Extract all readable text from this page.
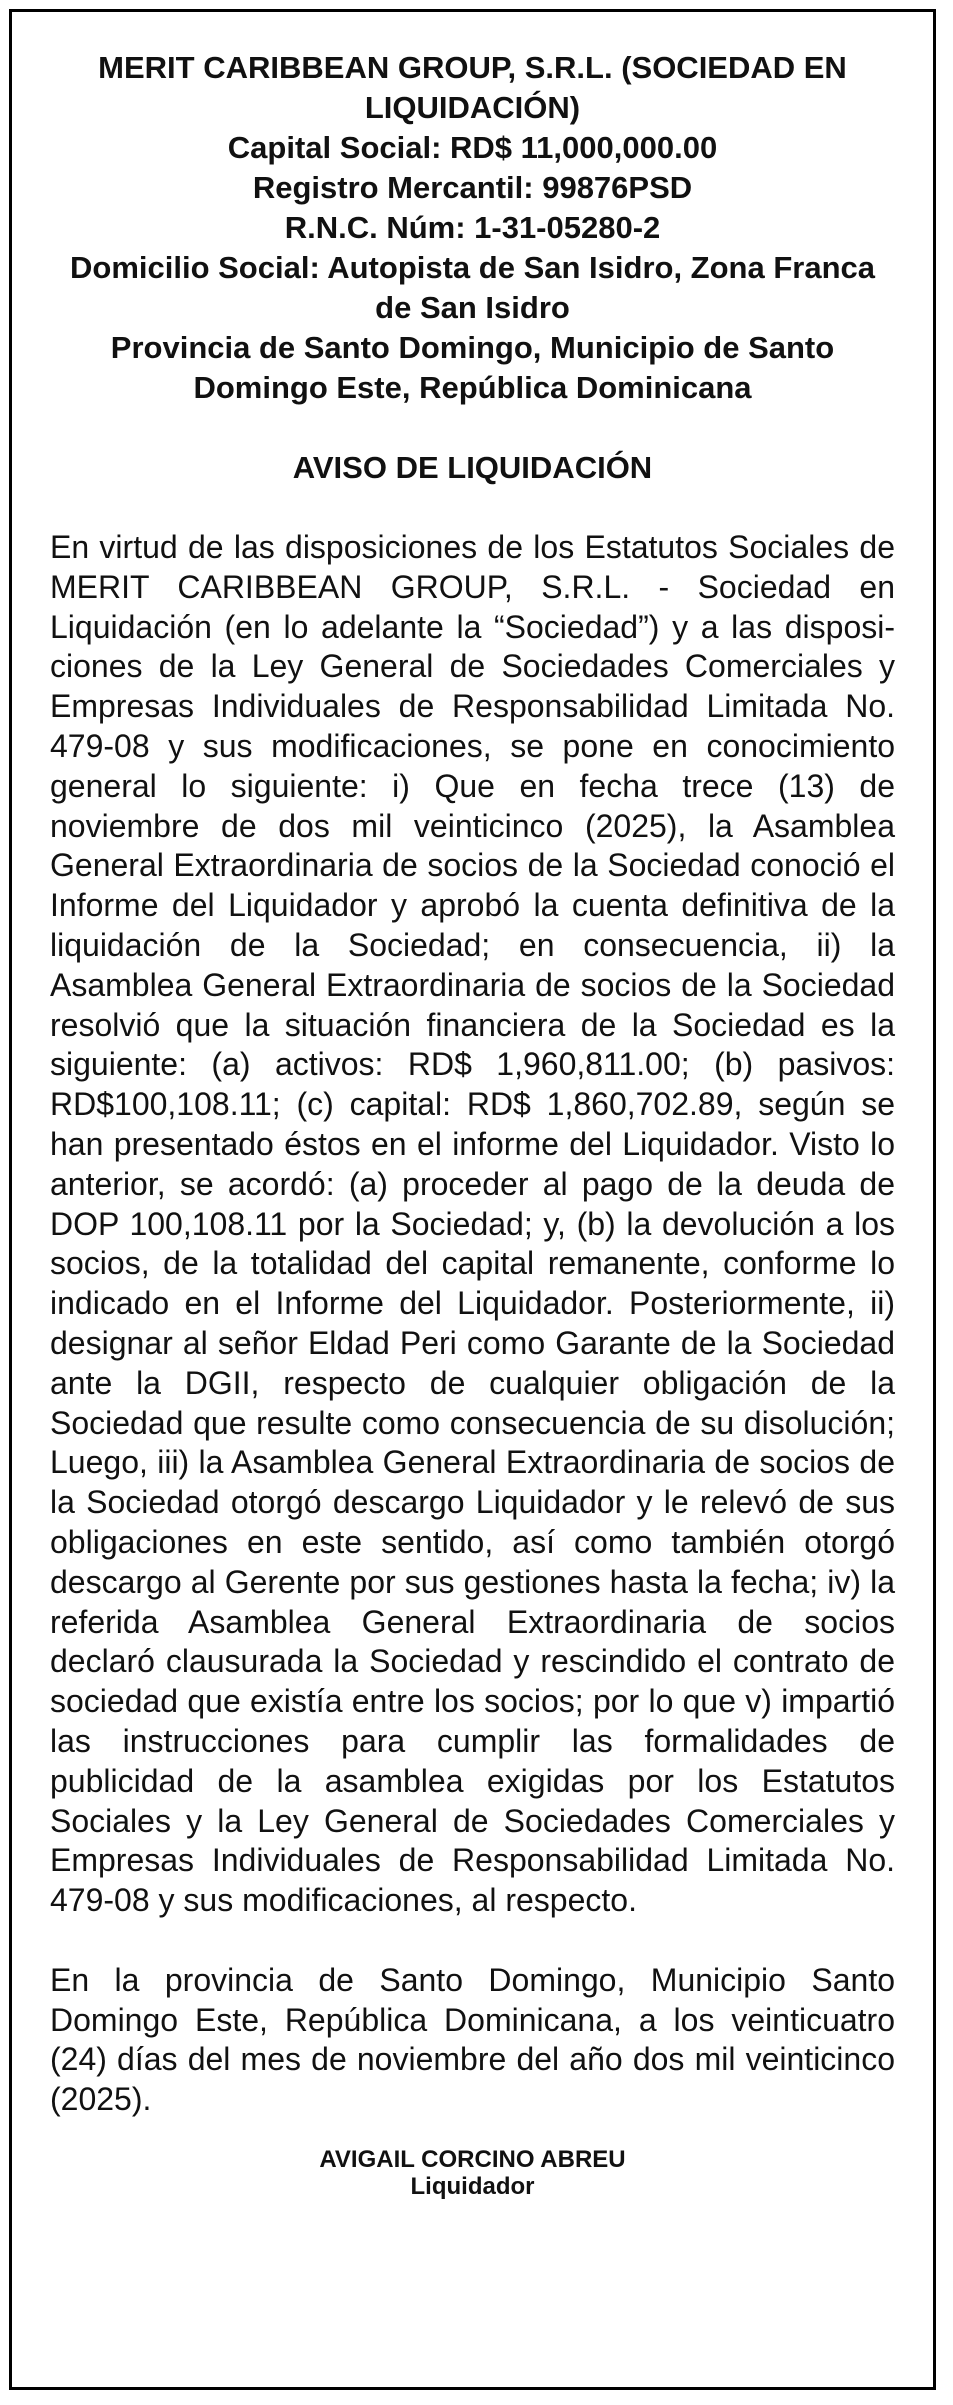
MERIT CARIBBEAN GROUP, S.R.L. (SOCIEDAD EN LIQUIDACIÓN)
Capital Social: RD$ 11,000,000.00
Registro Mercantil: 99876PSD
R.N.C. Núm: 1-31-05280-2
Domicilio Social: Autopista de San Isidro, Zona Franca de San Isidro
Provincia de Santo Domingo, Municipio de Santo Domingo Este, República Dominicana
AVISO DE LIQUIDACIÓN

En virtud de las disposiciones de los Estatutos Sociales de MERIT CARIBBEAN GROUP, S.R.L. - Sociedad en Liquidación (en lo adelante la “Sociedad”) y a las disposiciones de la Ley General de Sociedades Comerciales y Empresas Individuales de Responsabilidad Limitada No. 479-08 y sus modificaciones, se pone en conocimiento general lo siguiente: i) Que en fecha trece (13) de noviembre de dos mil veinticinco (2025), la Asamblea General Extraordinaria de socios de la Sociedad conoció el Informe del Liquidador y aprobó la cuenta definitiva de la liquidación de la Sociedad; en consecuencia, ii) la Asamblea General Extraordinaria de socios de la Sociedad resolvió que la situación financiera de la Sociedad es la siguiente: (a) activos: RD$ 1,960,811.00; (b) pasivos: RD$100,108.11; (c) capital: RD$ 1,860,702.89, según se han presentado éstos en el informe del Liquidador. Visto lo anterior, se acordó: (a) proceder al pago de la deuda de DOP 100,108.11 por la Sociedad; y, (b) la devolución a los socios, de la totalidad del capital remanente, conforme lo indicado en el Informe del Liquidador. Posteriormente, ii) designar al señor Eldad Peri como Garante de la Sociedad ante la DGII, respecto de cualquier obligación de la Sociedad que resulte como consecuencia de su disolución; Luego, iii) la Asamblea General Extraordinaria de socios de la Sociedad otorgó descargo Liquidador y le relevó de sus obligaciones en este sentido, así como también otorgó descargo al Gerente por sus gestiones hasta la fecha; iv) la referida Asamblea General Extraordinaria de socios declaró clausurada la Sociedad y rescindido el contrato de sociedad que existía entre los socios; por lo que v) impartió las instrucciones para cumplir las formalidades de publicidad de la asamblea exigidas por los Estatutos Sociales y la Ley General de Sociedades Comerciales y Empresas Individuales de Responsabilidad Limitada No. 479-08 y sus modificaciones, al respecto.

En la provincia de Santo Domingo, Municipio Santo Domingo Este, República Dominicana, a los veinticuatro (24) días del mes de noviembre del año dos mil veinticinco (2025).

AVIGAIL CORCINO ABREU
Liquidador
